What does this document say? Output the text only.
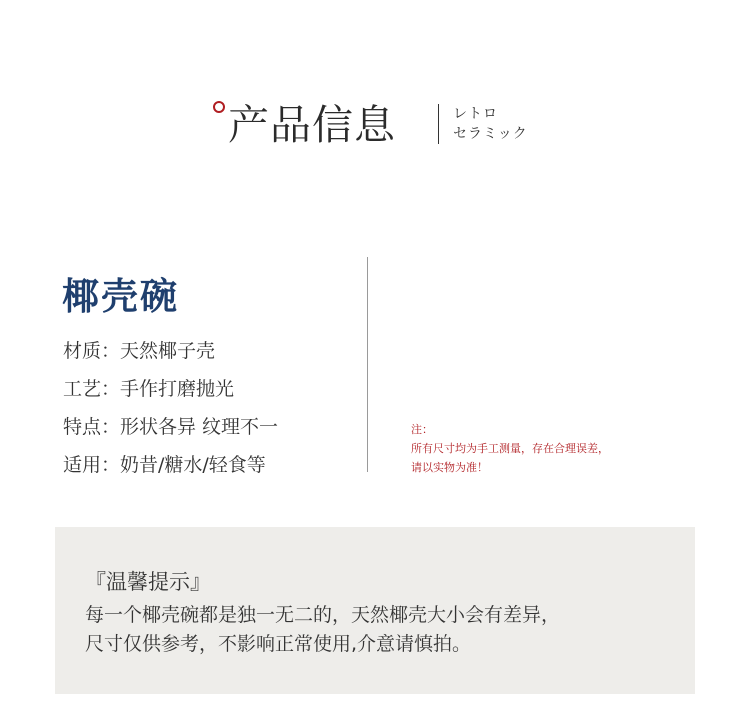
产品信息	レトロ
セラミック
椰壳碗
材质：天然椰子壳
工艺：手作打磨抛光
特点：形状各异 纹理不一
适用：奶昔/糖水/轻食等
注：
所有尺寸均为手工测量，存在合理误差，
请以实物为准！
『温馨提示』
每一个椰壳碗都是独一无二的，天然椰壳大小会有差异，
尺寸仅供参考，不影响正常使用,介意请慎拍。
